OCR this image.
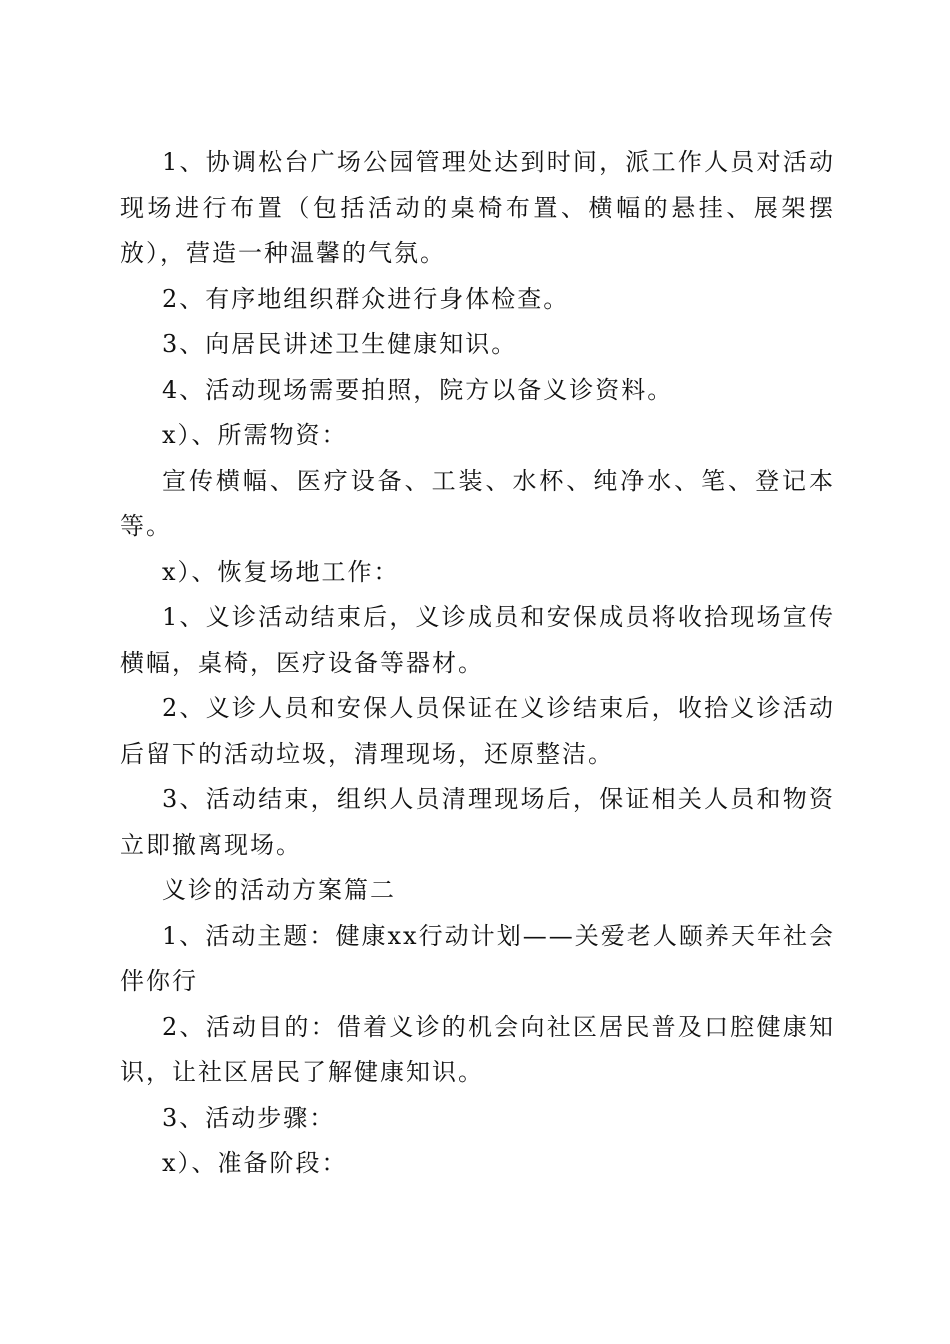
1、协调松台广场公园管理处达到时间，派工作人员对活动现场进行布置（包括活动的桌椅布置、横幅的悬挂、展架摆放），营造一种温馨的气氛。

2、有序地组织群众进行身体检查。

3、向居民讲述卫生健康知识。

4、活动现场需要拍照，院方以备义诊资料。

x）、所需物资：

宣传横幅、医疗设备、工装、水杯、纯净水、笔、登记本等。

x）、恢复场地工作：

1、义诊活动结束后，义诊成员和安保成员将收拾现场宣传横幅，桌椅，医疗设备等器材。

2、义诊人员和安保人员保证在义诊结束后，收拾义诊活动后留下的活动垃圾，清理现场，还原整洁。

3、活动结束，组织人员清理现场后，保证相关人员和物资立即撤离现场。

义诊的活动方案篇二

1、活动主题：健康xx行动计划——关爱老人颐养天年社会伴你行

2、活动目的：借着义诊的机会向社区居民普及口腔健康知识，让社区居民了解健康知识。

3、活动步骤：

x）、准备阶段：
